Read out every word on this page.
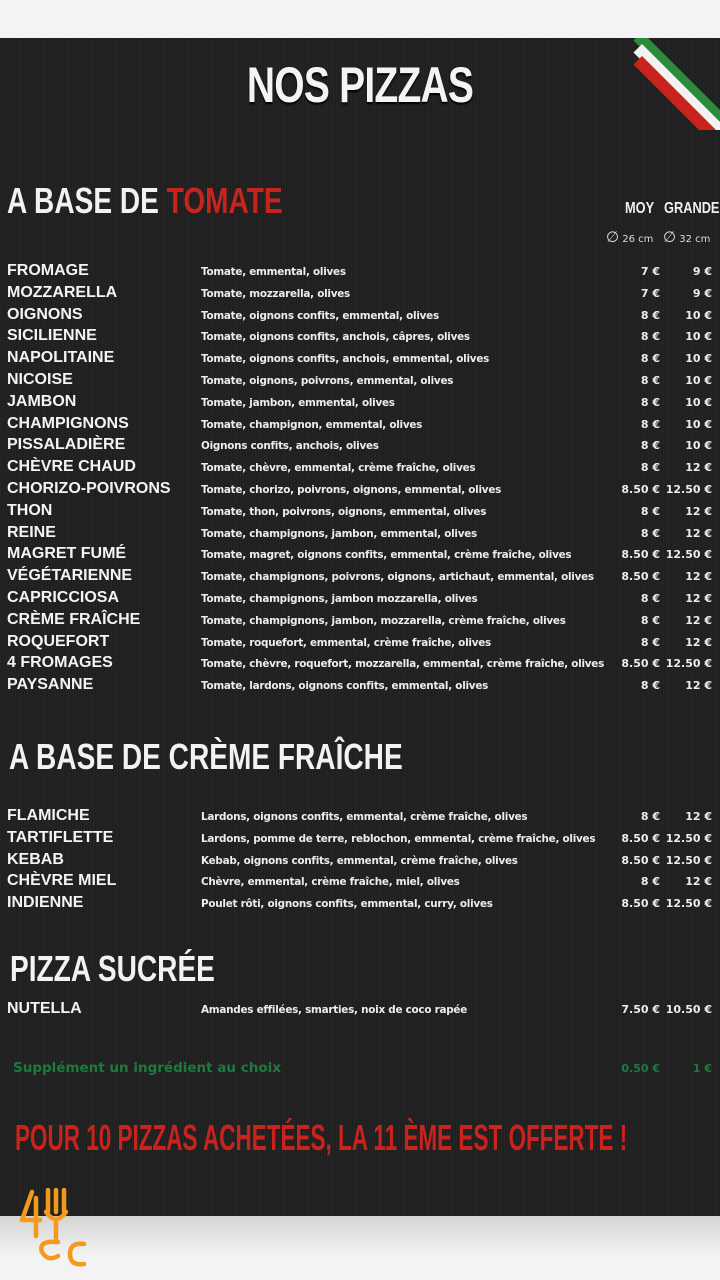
NOS PIZZAS
A BASE DE TOMATE	MOY GRANDE
∅ 26 cm ∅ 32 cm
FROMAGE	Tomate, emmental, olives	7 €	9 €
MOZZARELLA	Tomate, mozzarella, olives	7 €	9 €
OIGNONS	Tomate, oignons confits, emmental, olives	8 € 10 €
SICILIENNE	Tomate, oignons confits, anchois, câpres, olives	8 € 10 €
NAPOLITAINE	Tomate, oignons confits, anchois, emmental, olives	8 € 10 €
NICOISE	Tomate, oignons, poivrons, emmental, olives	8 € 10 €
JAMBON	Tomate, jambon, emmental, olives	8 € 10 €
CHAMPIGNONS	Tomate, champignon, emmental, olives	8 € 10 €
PISSALADIÈRE	Oignons confits, anchois, olives	8 € 10 €
CHÈVRE CHAUD	Tomate, chèvre, emmental, crème fraîche, olives	8 € 12 €
CHORIZO-POIVRONS	Tomate, chorizo, poivrons, oignons, emmental, olives	8.50 € 12.50 €
THON	Tomate, thon, poivrons, oignons, emmental, olives	8 € 12 €
REINE	Tomate, champignons, jambon, emmental, olives	8 € 12 €
MAGRET FUMÉ	Tomate, magret, oignons confits, emmental, crème fraîche, olives	8.50 € 12.50 €
VÉGÉTARIENNE	Tomate, champignons, poivrons, oignons, artichaut, emmental, olives	8.50 € 12 €
CAPRICCIOSA	Tomate, champignons, jambon mozzarella, olives	8 € 12 €
CRÈME FRAÎCHE	Tomate, champignons, jambon, mozzarella, crème fraîche, olives	8 € 12 €
ROQUEFORT	Tomate, roquefort, emmental, crème fraîche, olives	8 € 12 €
4 FROMAGES	Tomate, chèvre, roquefort, mozzarella, emmental, crème fraîche, olives 8.50 € 12.50 €
PAYSANNE	Tomate, lardons, oignons confits, emmental, olives	8 € 12 €
A BASE DE CRÈME FRAÎCHE
FLAMICHE	Lardons, oignons confits, emmental, crème fraîche, olives	8 € 12 €
TARTIFLETTE	Lardons, pomme de terre, reblochon, emmental, crème fraîche, olives 8.50 € 12.50 €
KEBAB	Kebab, oignons confits, emmental, crème fraîche, olives	8.50 € 12.50 €
CHÈVRE MIEL	Chèvre, emmental, crème fraîche, miel, olives	8 € 12 €
INDIENNE	Poulet rôti, oignons confits, emmental, curry, olives	8.50 € 12.50 €
PIZZA SUCRÉE
NUTELLA	Amandes effilées, smarties, noix de coco rapée	7.50 € 10.50 €
Supplément un ingrédient au choix	0.50 €	1 €
POUR 10 PIZZAS ACHETÉES, LA 11 ÈME EST OFFERTE !
